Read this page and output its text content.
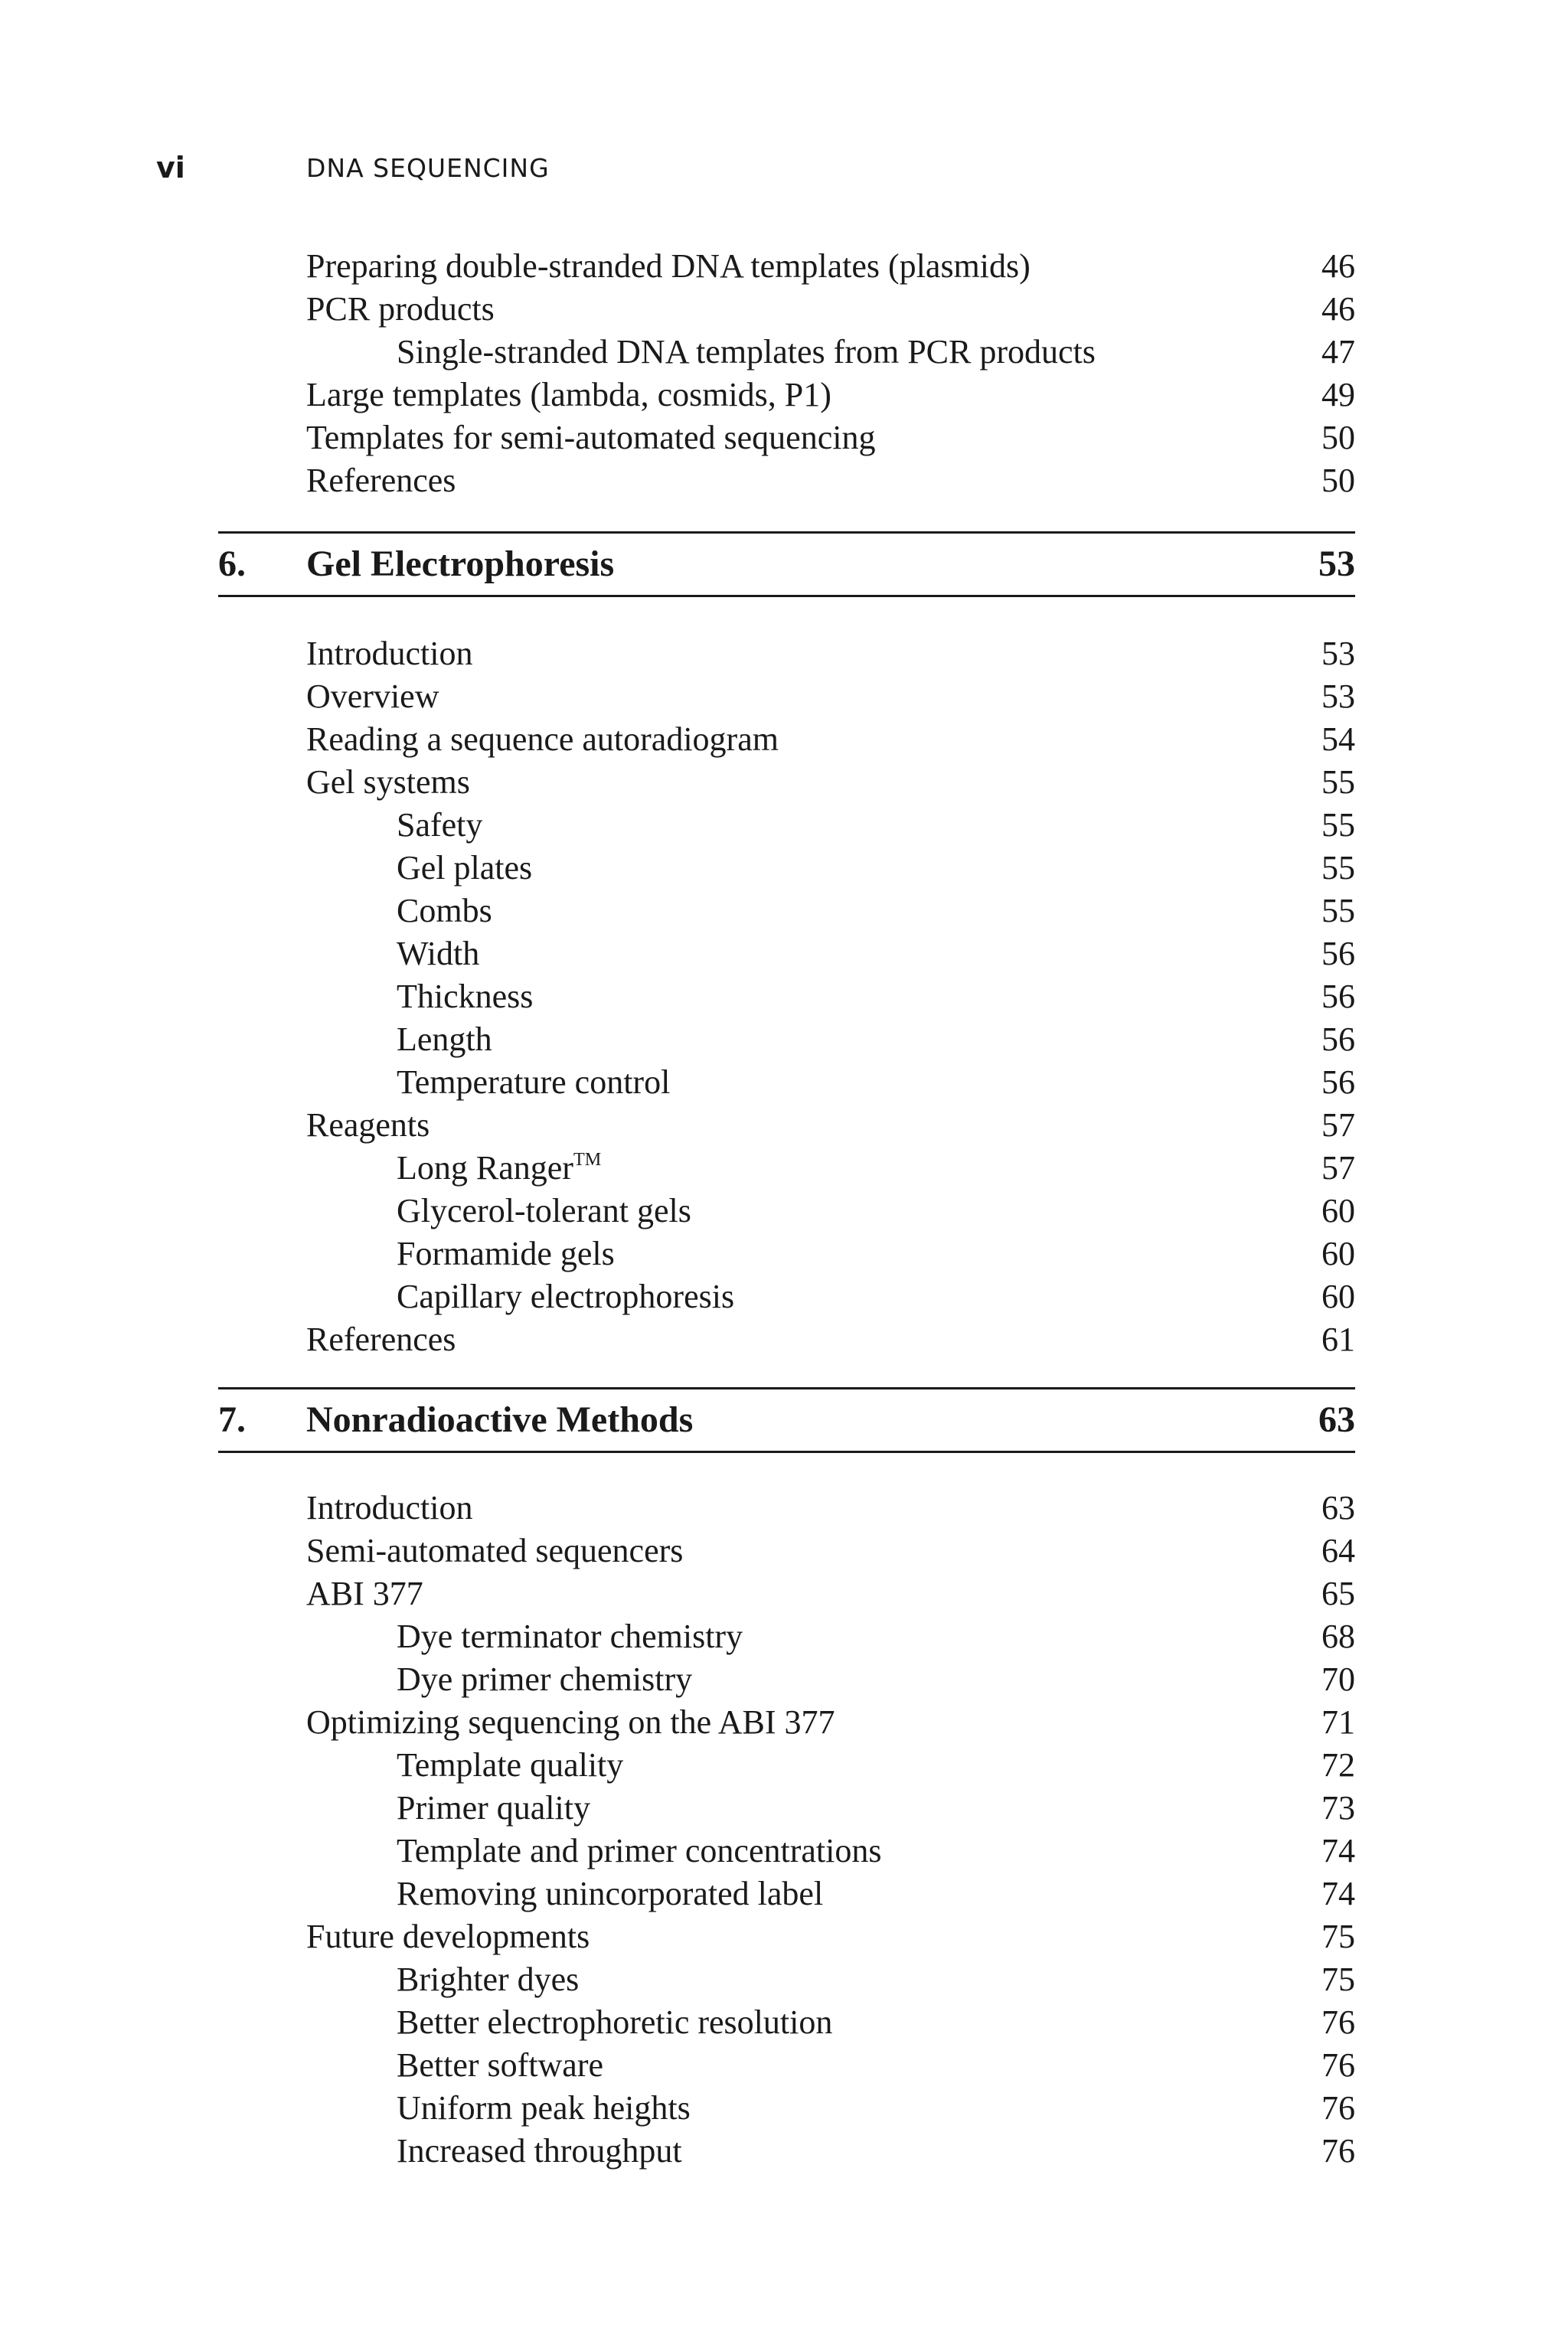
vi	DNA SEQUENCING
Preparing double-stranded DNA templates (plasmids)	46
PCR products	46
Single-stranded DNA templates from PCR products	47
Large templates (lambda, cosmids, P1)	49
Templates for semi-automated sequencing	50
References	50
6. Gel Electrophoresis	53
Introduction	53
Overview	53
Reading a sequence autoradiogram	54
Gel systems	55
Safety	55
Gel plates	55
Combs	55
Width	56
Thickness	56
Length	56
Temperature control	56
Reagents	57
Long Ranger™	57
Glycerol-tolerant gels	60
Formamide gels	60
Capillary electrophoresis	60
References	61
7. Nonradioactive Methods	63
Introduction	63
Semi-automated sequencers	64
ABI 377	65
Dye terminator chemistry	68
Dye primer chemistry	70
Optimizing sequencing on the ABI 377	71
Template quality	72
Primer quality	73
Template and primer concentrations	74
Removing unincorporated label	74
Future developments	75
Brighter dyes	75
Better electrophoretic resolution	76
Better software	76
Uniform peak heights	76
Increased throughput	76
